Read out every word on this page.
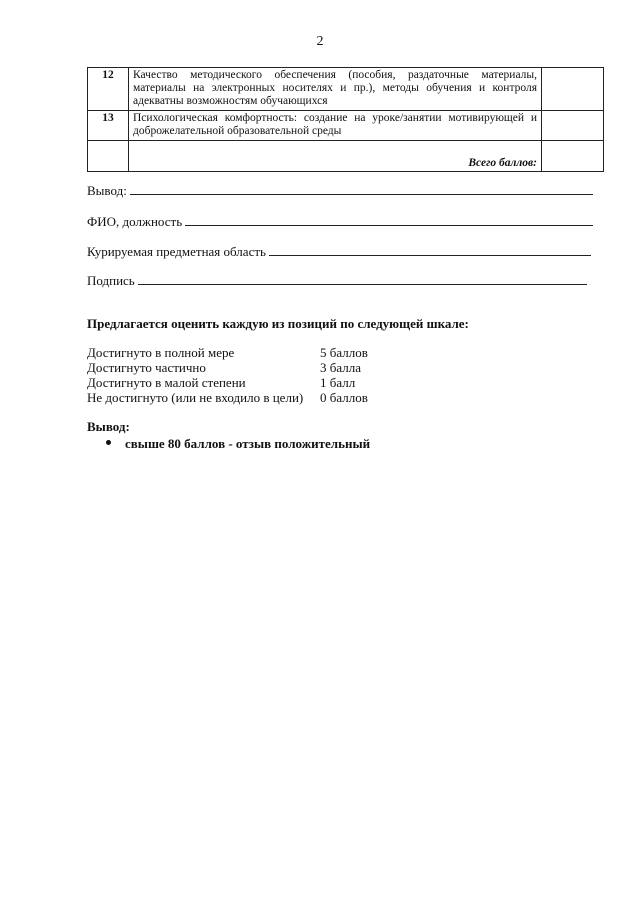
2
12	Качество методического обеспечения (пособия, раздаточные материалы, материалы на электронных носителях и пр.), методы обучения и контроля адекватны возможностям обучающихся	
13	Психологическая комфортность: создание на уроке/занятии мотивирующей и доброжелательной образовательной среды	
	Всего баллов:	
Вывод:
ФИО, должность
Курируемая предметная область
Подпись
Предлагается оценить каждую из позиций по следующей шкале:
Достигнуто в полной мере	5 баллов
Достигнуто частично	3 балла
Достигнуто в малой степени	1 балл
Не достигнуто (или не входило в цели)	0 баллов
Вывод:
свыше 80 баллов - отзыв положительный
